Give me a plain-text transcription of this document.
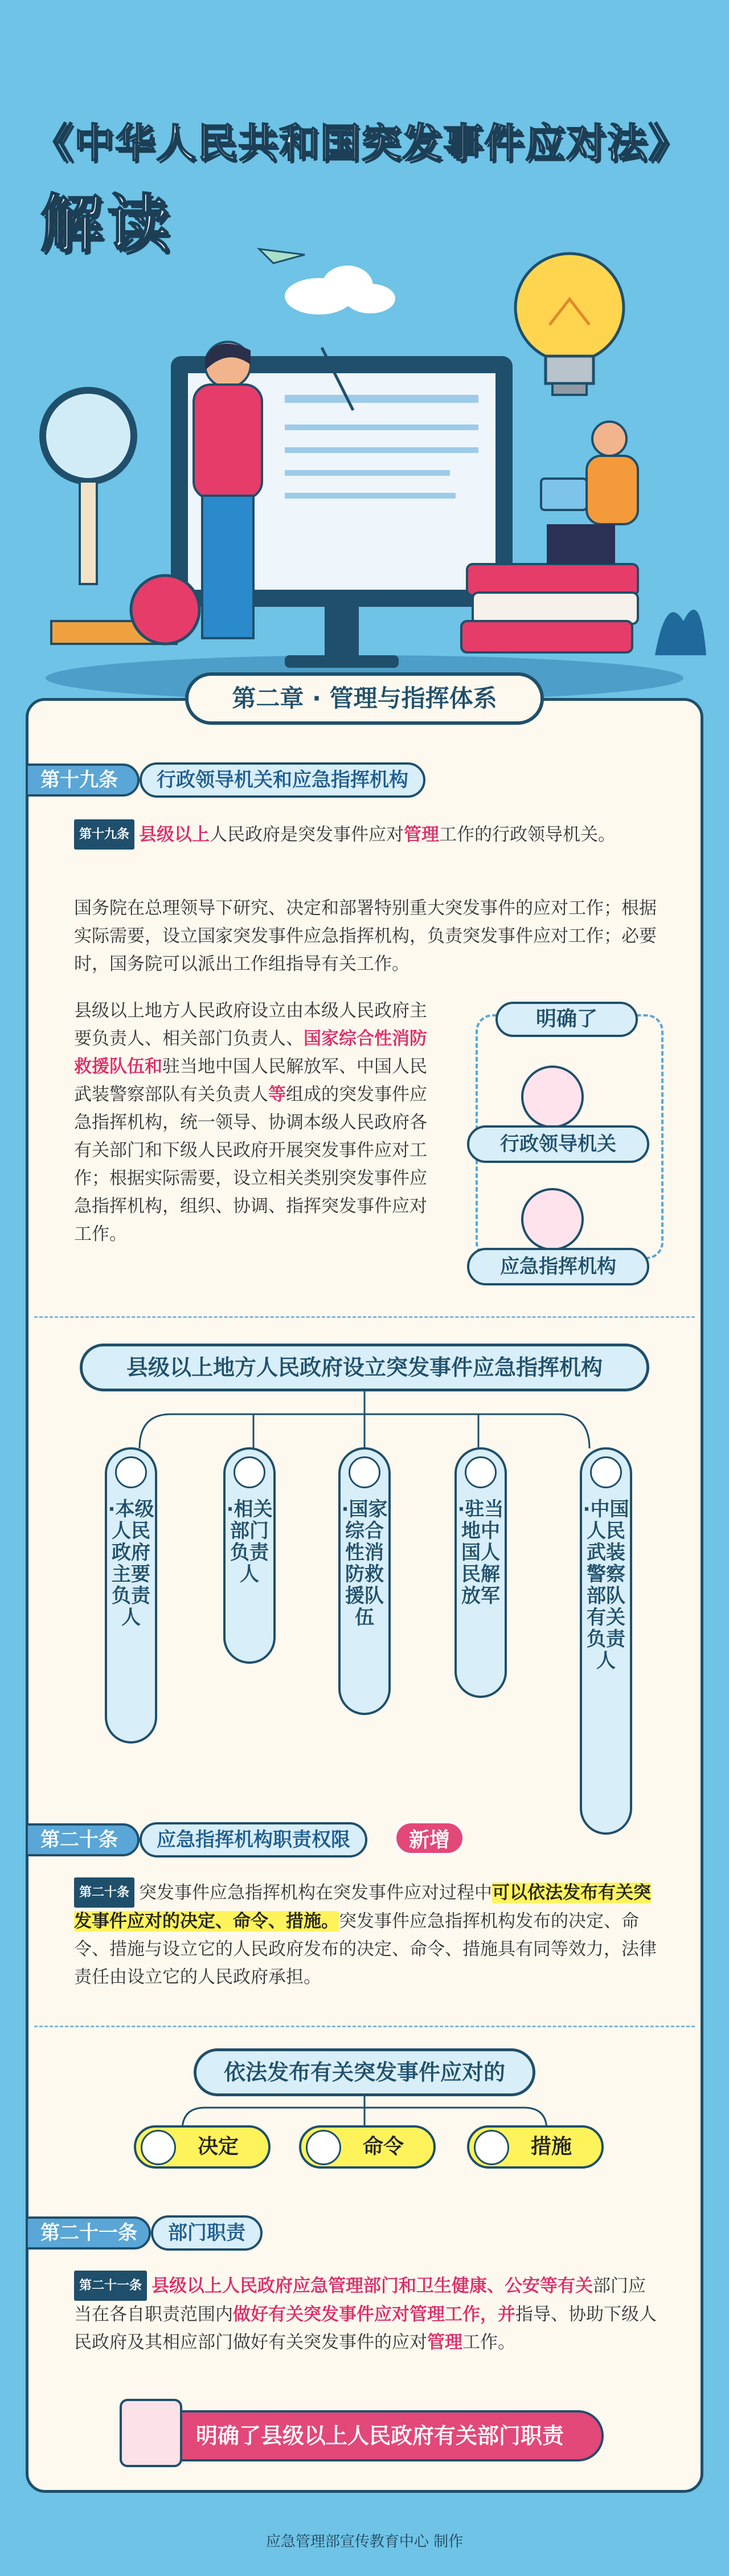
《中华人民共和国突发事件应对法》
解读
第二章 · 管理与指挥体系
第十九条	行政领导机关和应急指挥机构
第十九条 县级以上人民政府是突发事件应对管理工作的行政领导机关。
国务院在总理领导下研究、决定和部署特别重大突发事件的应对工作；根据实际需要，设立国家突发事件应急指挥机构，负责突发事件应对工作；必要时，国务院可以派出工作组指导有关工作。
县级以上地方人民政府设立由本级人民政府主要负责人、相关部门负责人、国家综合性消防救援队伍和驻当地中国人民解放军、中国人民武装警察部队有关负责人等组成的突发事件应急指挥机构，统一领导、协调本级人民政府各有关部门和下级人民政府开展突发事件应对工作；根据实际需要，设立相关类别突发事件应急指挥机构，组织、协调、指挥突发事件应对工作。
明确了
行政领导机关
应急指挥机构
县级以上地方人民政府设立突发事件应急指挥机构
·本级人民政府主要负责人
·相关部门负责人
·国家综合性消防救援队伍
·驻当地中国人民解放军
·中国人民武装警察部队有关负责人
第二十条	应急指挥机构职责权限	新增
第二十条 突发事件应急指挥机构在突发事件应对过程中可以依法发布有关突发事件应对的决定、命令、措施。突发事件应急指挥机构发布的决定、命令、措施与设立它的人民政府发布的决定、命令、措施具有同等效力，法律责任由设立它的人民政府承担。
依法发布有关突发事件应对的
决定	命令	措施
第二十一条	部门职责
第二十一条 县级以上人民政府应急管理部门和卫生健康、公安等有关部门应当在各自职责范围内做好有关突发事件应对管理工作，并指导、协助下级人民政府及其相应部门做好有关突发事件的应对管理工作。
明确了县级以上人民政府有关部门职责
应急管理部宣传教育中心 制作
